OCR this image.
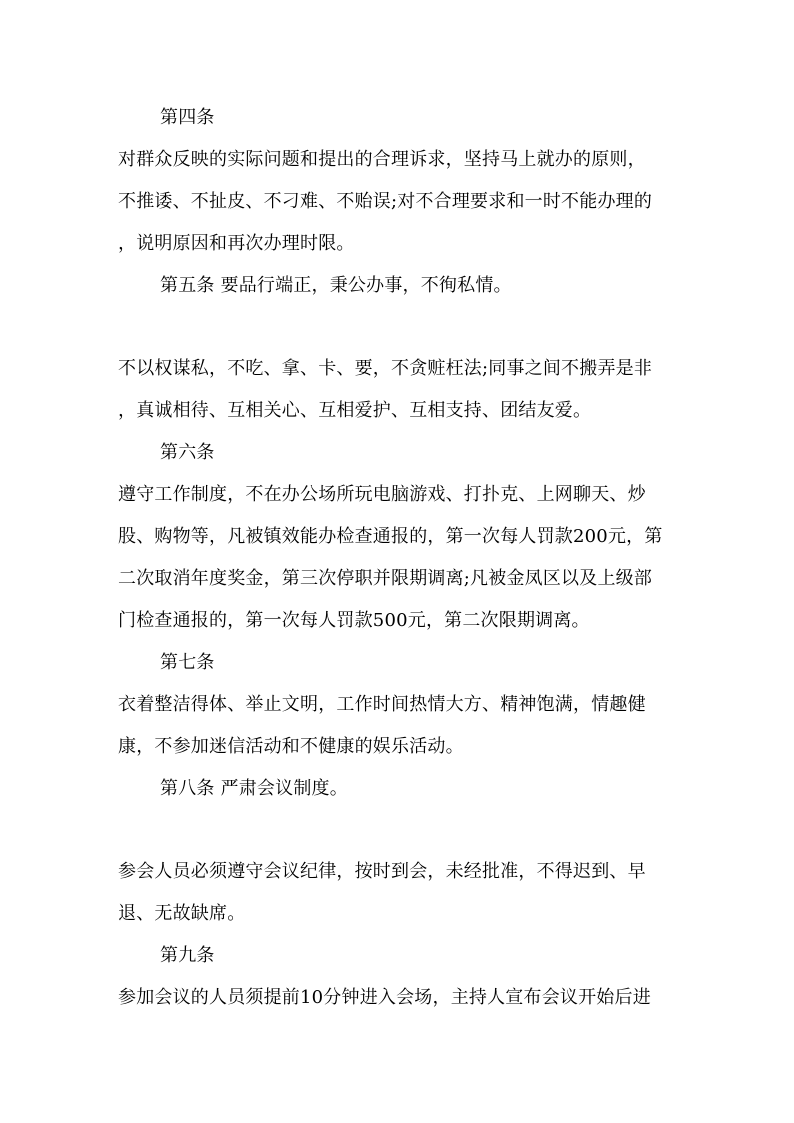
第四条
对群众反映的实际问题和提出的合理诉求，坚持马上就办的原则，
不推诿、不扯皮、不刁难、不贻误;对不合理要求和一时不能办理的
，说明原因和再次办理时限。
第五条 要品行端正，秉公办事，不徇私情。
不以权谋私，不吃、拿、卡、要，不贪赃枉法;同事之间不搬弄是非
，真诚相待、互相关心、互相爱护、互相支持、团结友爱。
第六条
遵守工作制度，不在办公场所玩电脑游戏、打扑克、上网聊天、炒
股、购物等，凡被镇效能办检查通报的，第一次每人罚款200元，第
二次取消年度奖金，第三次停职并限期调离;凡被金凤区以及上级部
门检查通报的，第一次每人罚款500元，第二次限期调离。
第七条
衣着整洁得体、举止文明，工作时间热情大方、精神饱满，情趣健
康，不参加迷信活动和不健康的娱乐活动。
第八条 严肃会议制度。
参会人员必须遵守会议纪律，按时到会，未经批准，不得迟到、早
退、无故缺席。
第九条
参加会议的人员须提前10分钟进入会场，主持人宣布会议开始后进
